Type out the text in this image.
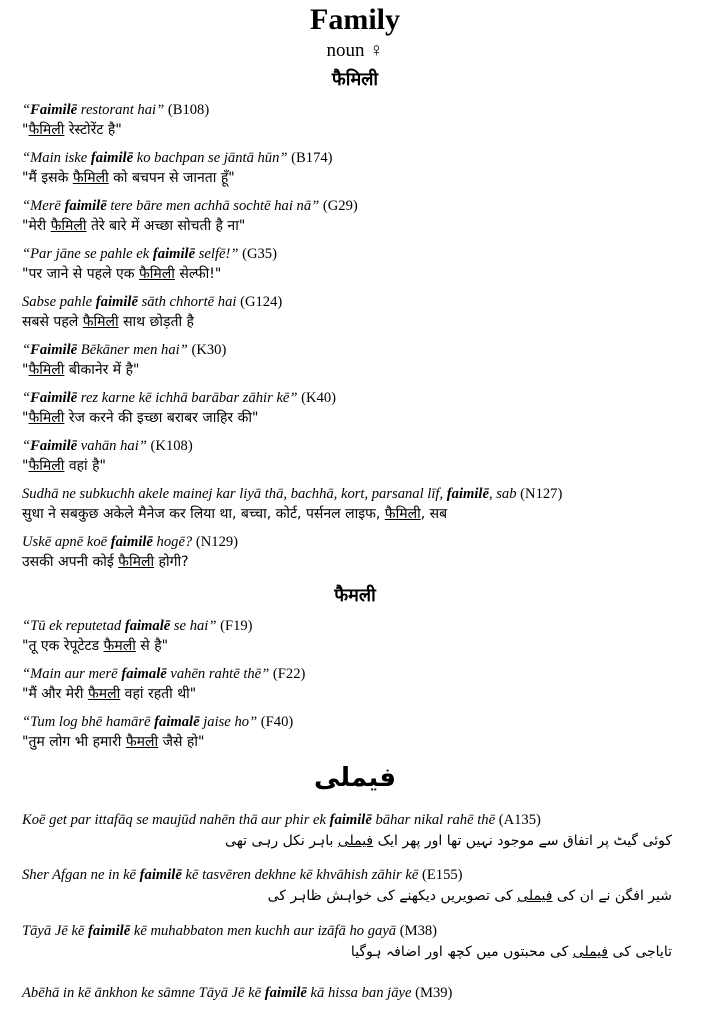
Family
noun ♀
फैमिली
“Faimilē restorant hai” (B108)
"फैमिली रेस्टोरेंट है"
“Main iske faimilē ko bachpan se jāntā hūn” (B174)
"मैं इसके फैमिली को बचपन से जानता हूँ"
“Merē faimilē tere bāre men achhā sochtē hai nā” (G29)
"मेरी फैमिली तेरे बारे में अच्छा सोचती है ना"
“Par jāne se pahle ek faimilē selfē!” (G35)
"पर जाने से पहले एक फैमिली सेल्फी!"
Sabse pahle faimilē sāth chhortē hai (G124)
सबसे पहले फैमिली साथ छोड़ती है
“Faimilē Bēkāner men hai” (K30)
"फैमिली बीकानेर में है"
“Faimilē rez karne kē ichhā barābar zāhir kē” (K40)
"फैमिली रेज करने की इच्छा बराबर जाहिर की"
“Faimilē vahān hai” (K108)
"फैमिली वहां है"
Sudhā ne subkuchh akele mainej kar liyā thā, bachhā, kort, parsanal līf, faimilē, sab (N127)
सुधा ने सबकुछ अकेले मैनेज कर लिया था, बच्चा, कोर्ट, पर्सनल लाइफ, फैमिली, सब
Uskē apnē koē faimilē hogē? (N129)
उसकी अपनी कोई फैमिली होगी?
फैमली
“Tū ek reputetad faimalē se hai” (F19)
"तू एक रेपूटेटड फैमली से है"
“Main aur merē faimalē vahēn rahtē thē” (F22)
"मैं और मेरी फैमली वहां रहती थी"
“Tum log bhē hamārē faimalē jaise ho” (F40)
"तुम लोग भी हमारी फैमली जैसे हो"
فیملی
Koē get par ittafāq se maujūd nahēn thā aur phir ek faimilē bāhar nikal rahē thē (A135)
کوئی گیٹ پر اتفاق سے موجود نہیں تھا اور پھر ایک فیملی باہر نکل رہی تھی
Sher Afgan ne in kē faimilē kē tasvēren dekhne kē khvāhish zāhir kē (E155)
شیر افگن نے ان کی فیملی کی تصویریں دیکھنے کی خواہش ظاہر کی
Tāyā Jē kē faimilē kē muhabbaton men kuchh aur izāfā ho gayā (M38)
تایاجی کی فیملی کی محبتوں میں کچھ اور اضافہ ہوگیا
Abēhā in kē ānkhon ke sāmne Tāyā Jē kē faimilē kā hissa ban jāye (M39)
